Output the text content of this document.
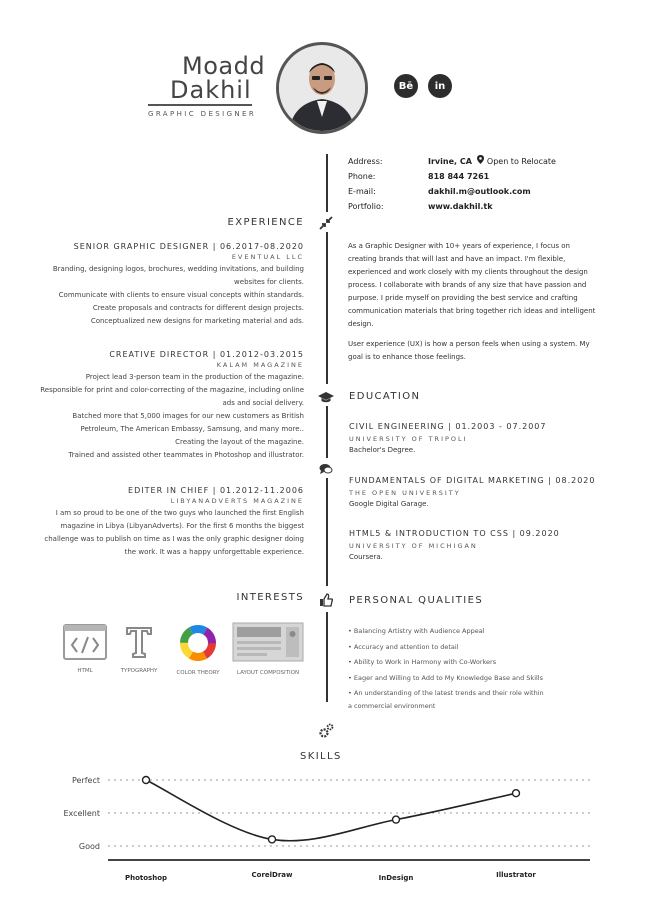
Moadd
Dakhil
GRAPHIC DESIGNER
Bē	in
Address:	Irvine, CA Open to Relocate
Phone:	818 844 7261
E-mail:	dakhil.m@outlook.com
Portfolio:	www.dakhil.tk
As a Graphic Designer with 10+ years of experience, I focus on creating brands that will last and have an impact. I'm flexible, experienced and work closely with my clients throughout the design process. I collaborate with brands of any size that have passion and purpose. I pride myself on providing the best service and crafting communication materials that bring together rich ideas and intelligent design.
User experience (UX) is how a person feels when using a system. My goal is to enhance those feelings.
EXPERIENCE
SENIOR GRAPHIC DESIGNER | 06.2017-08.2020
EVENTUAL LLC
Branding, designing logos, brochures, wedding invitations, and building
websites for clients.
Communicate with clients to ensure visual concepts within standards.
Create proposals and contracts for different design projects.
Conceptualized new designs for marketing material and ads.
CREATIVE DIRECTOR | 01.2012-03.2015
KALAM MAGAZINE
Project lead 3-person team in the production of the magazine.
Responsible for print and color-correcting of the magazine, including online
ads and social delivery.
Batched more that 5,000 images for our new customers as British
Petroleum, The American Embassy, Samsung, and many more..
Creating the layout of the magazine.
Trained and assisted other teammates in Photoshop and illustrator.
EDITER IN CHIEF | 01.2012-11.2006
LIBYANADVERTS MAGAZINE
I am so proud to be one of the two guys who launched the first English
magazine in Libya (LibyanAdverts). For the first 6 months the biggest
challenge was to publish on time as I was the only graphic designer doing
the work. It was a happy unforgettable experience.
EDUCATION
CIVIL ENGINEERING | 01.2003 - 07.2007
UNIVERSITY OF TRIPOLI
Bachelor's Degree.
FUNDAMENTALS OF DIGITAL MARKETING | 08.2020
THE OPEN UNIVERSITY
Google Digital Garage.
HTML5 & INTRODUCTION TO CSS | 09.2020
UNIVERSITY OF MICHIGAN
Coursera.
INTERESTS
HTML	TYPOGRAPHY	COLOR THEORY	LAYOUT COMPOSITION
PERSONAL QUALITIES
• Balancing Artistry with Audience Appeal
• Accuracy and attention to detail
• Ability to Work in Harmony with Co-Workers
• Eager and Willing to Add to My Knowledge Base and Skills
• An understanding of the latest trends and their role within
a commercial environment
SKILLS
Good
Excellent
Perfect
Photoshop	CorelDraw	InDesign	Illustrator
